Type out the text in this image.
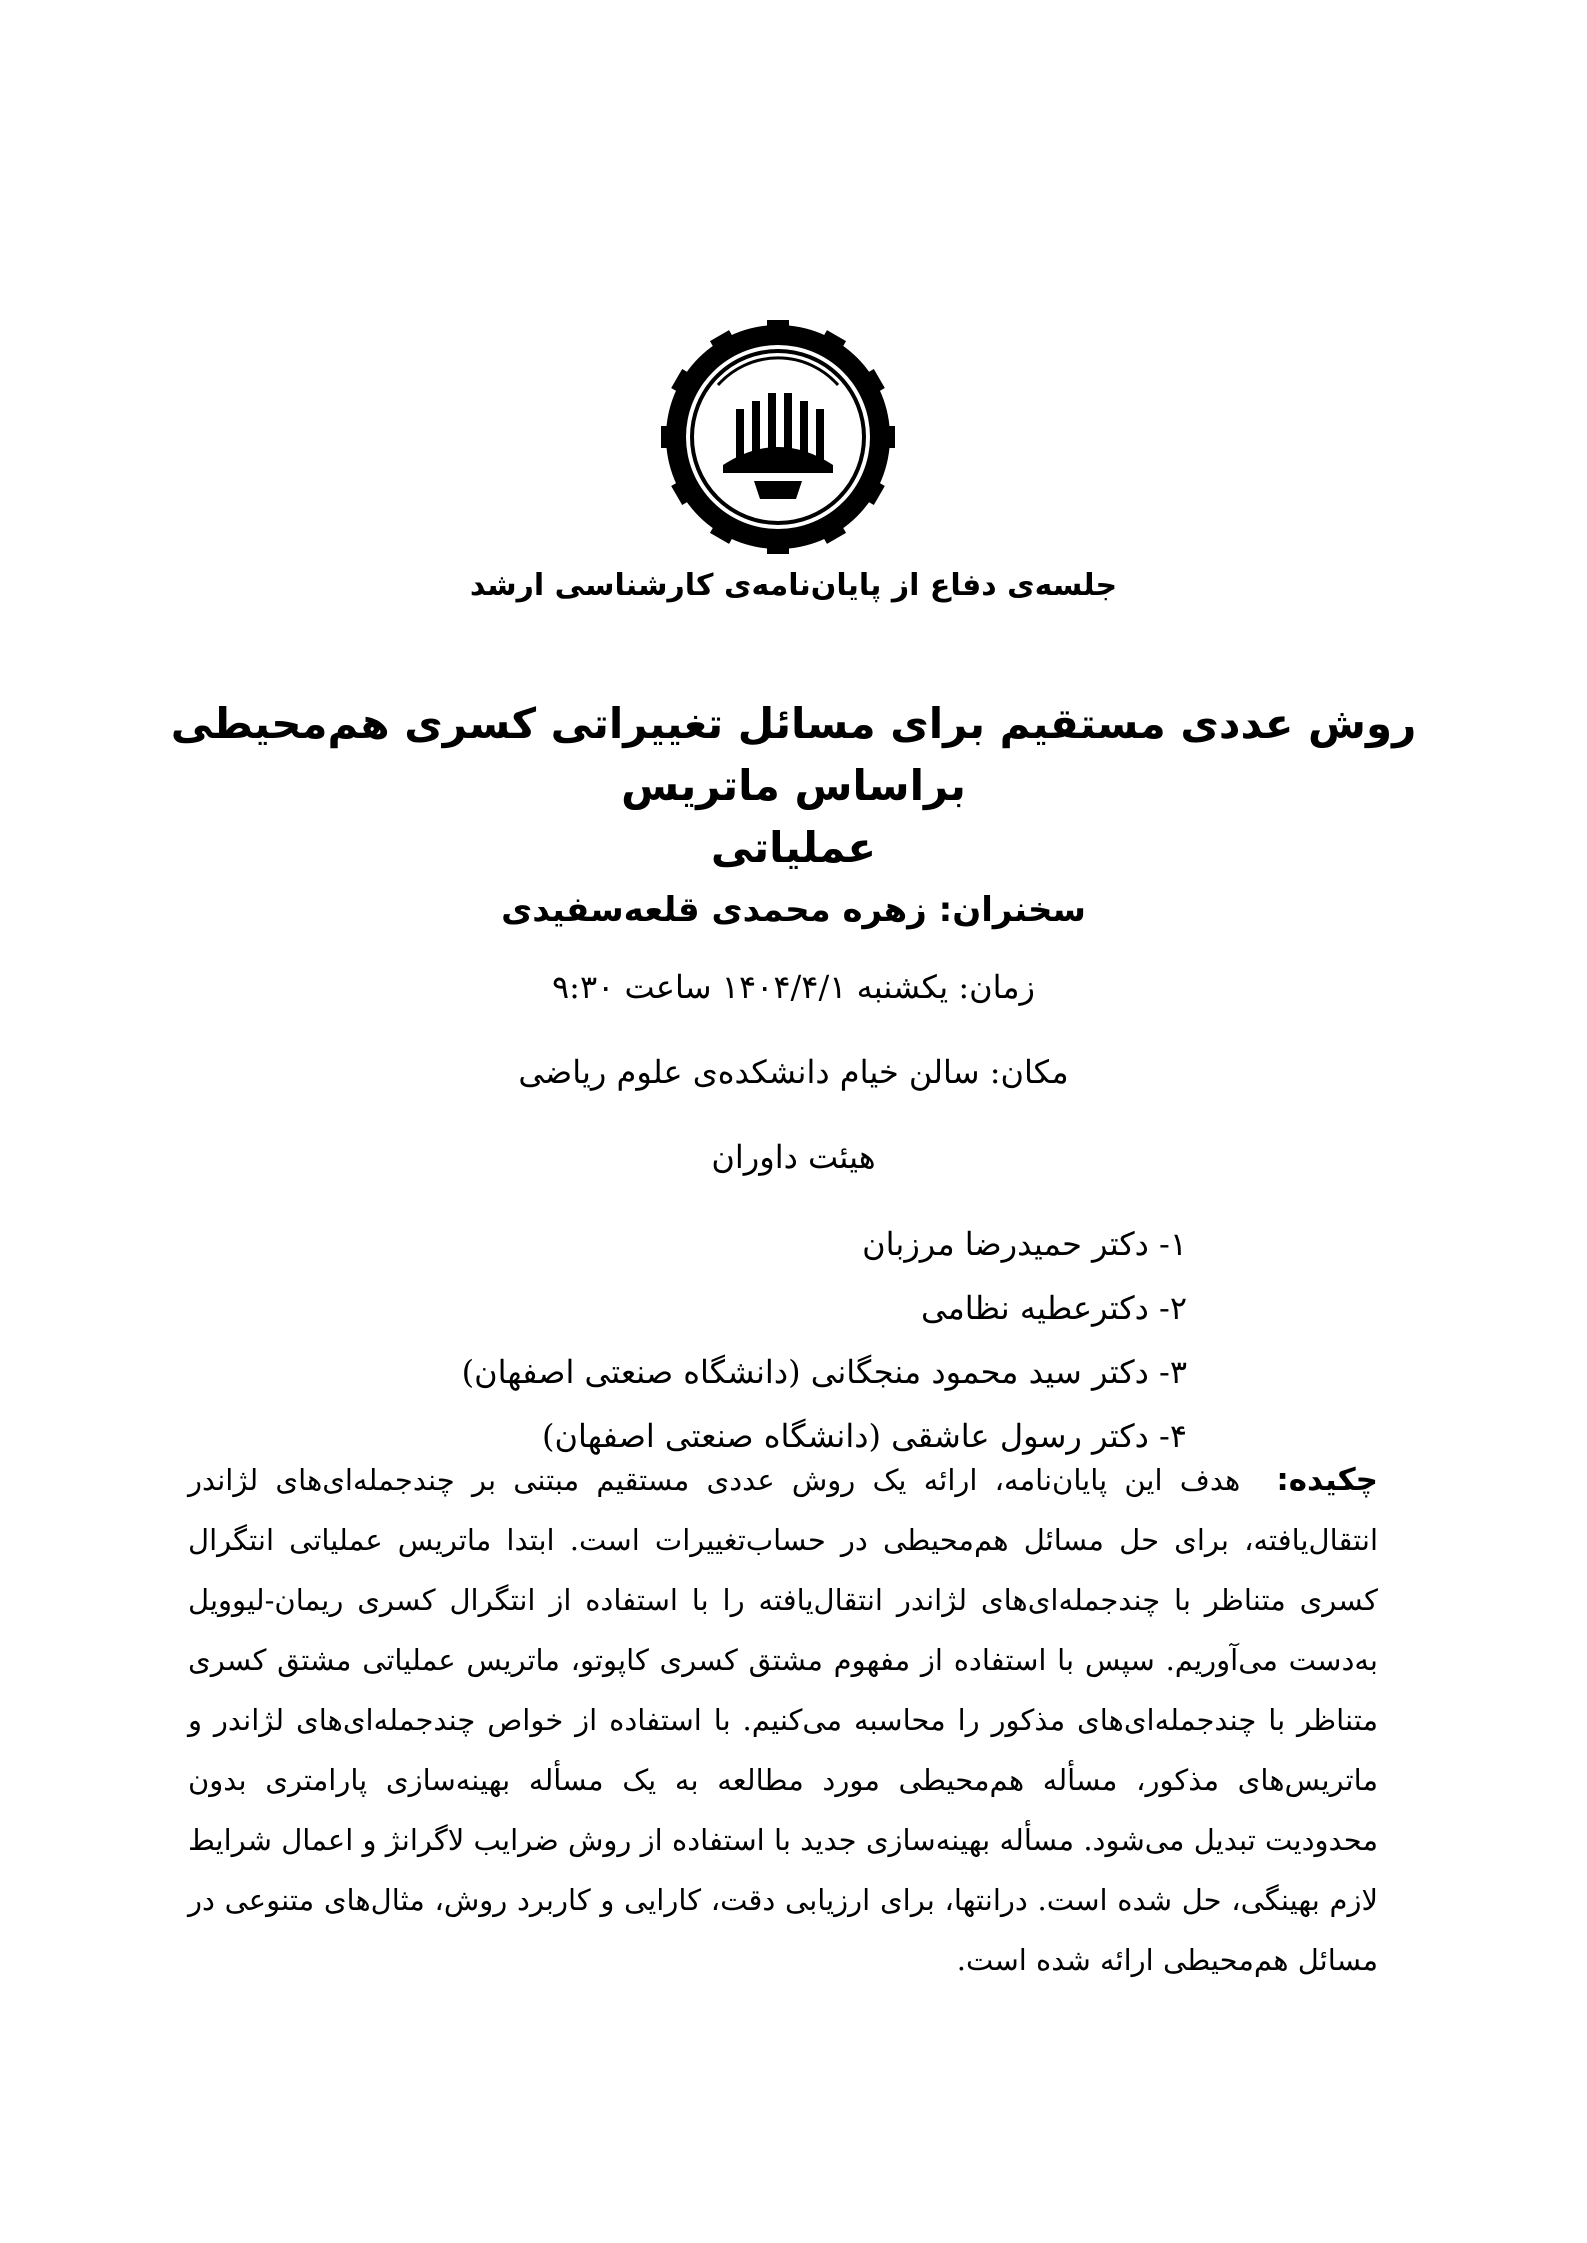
جلسه‌ی دفاع از پایان‌نامه‌ی کارشناسی ارشد
روش عددی مستقیم برای مسائل تغییراتی کسری هم‌محیطی براساس ماتریس
عملیاتی
سخنران: زهره محمدی قلعه‌سفیدی
زمان: یکشنبه ۱۴۰۴/۴/۱ ساعت ۹:۳۰
مکان: سالن خیام دانشکده‌ی علوم ریاضی
هیئت داوران
۱- دکتر حمیدرضا مرزبان
۲- دکترعطیه نظامی
۳- دکتر سید محمود منجگانی (دانشگاه صنعتی اصفهان)
۴- دکتر رسول عاشقی (دانشگاه صنعتی اصفهان)
چکیده:هدف این پایان‌نامه، ارائه یک روش عددی مستقیم مبتنی بر چندجمله‌ای‌های لژاندر انتقال‌یافته، برای حل مسائل هم‌محیطی در حساب‌تغییرات است. ابتدا ماتریس عملیاتی انتگرال کسری متناظر با چندجمله‌ای‌های لژاندر انتقال‌یافته را با استفاده از انتگرال کسری ریمان-لیوویل به‌دست می‌آوریم. سپس با استفاده از مفهوم مشتق کسری کاپوتو، ماتریس عملیاتی مشتق کسری متناظر با چندجمله‌ای‌های مذکور را محاسبه می‌کنیم. با استفاده از خواص چندجمله‌ای‌های لژاندر و ماتریس‌های مذکور، مسأله هم‌محیطی مورد مطالعه به یک مسأله بهینه‌سازی پارامتری بدون محدودیت تبدیل می‌شود. مسأله بهینه‌سازی جدید با استفاده از روش ضرایب لاگرانژ و اعمال شرایط لازم بهینگی، حل شده است. درانتها، برای ارزیابی دقت، کارایی و کاربرد روش، مثال‌های متنوعی در مسائل هم‌محیطی ارائه شده است.
